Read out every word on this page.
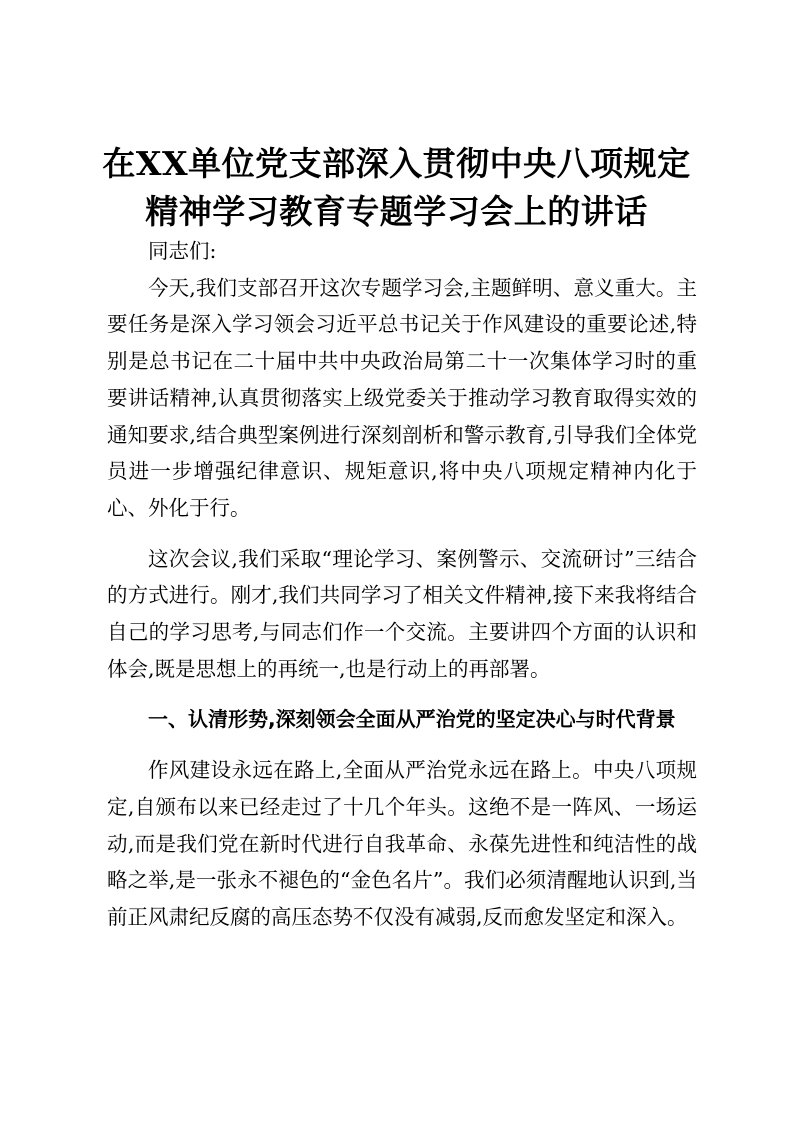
在XX单位党支部深入贯彻中央八项规定精神学习教育专题学习会上的讲话

同志们:

今天,我们支部召开这次专题学习会,主题鲜明、意义重大。主要任务是深入学习领会习近平总书记关于作风建设的重要论述,特别是总书记在二十届中共中央政治局第二十一次集体学习时的重要讲话精神,认真贯彻落实上级党委关于推动学习教育取得实效的通知要求,结合典型案例进行深刻剖析和警示教育,引导我们全体党员进一步增强纪律意识、规矩意识,将中央八项规定精神内化于心、外化于行。

这次会议,我们采取“理论学习、案例警示、交流研讨”三结合的方式进行。刚才,我们共同学习了相关文件精神,接下来我将结合自己的学习思考,与同志们作一个交流。主要讲四个方面的认识和体会,既是思想上的再统一,也是行动上的再部署。

一、认清形势,深刻领会全面从严治党的坚定决心与时代背景

作风建设永远在路上,全面从严治党永远在路上。中央八项规定,自颁布以来已经走过了十几个年头。这绝不是一阵风、一场运动,而是我们党在新时代进行自我革命、永葆先进性和纯洁性的战略之举,是一张永不褪色的“金色名片”。我们必须清醒地认识到,当前正风肃纪反腐的高压态势不仅没有减弱,反而愈发坚定和深入。
